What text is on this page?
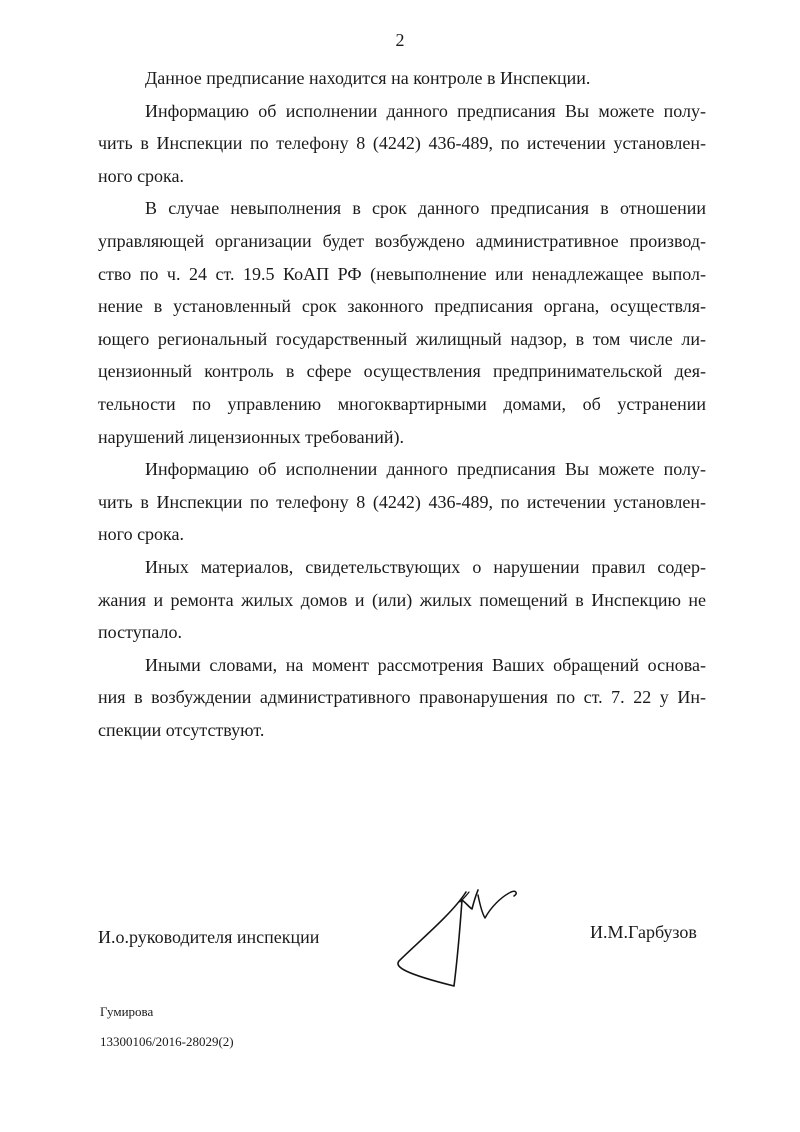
2
Данное предписание находится на контроле в Инспекции.
Информацию об исполнении данного предписания Вы можете полу-
чить в Инспекции по телефону 8 (4242) 436-489, по истечении установлен-
ного срока.
В случае невыполнения в срок данного предписания в отношении
управляющей организации будет возбуждено административное производ-
ство по ч. 24 ст. 19.5 КоАП РФ (невыполнение или ненадлежащее выпол-
нение в установленный срок законного предписания органа, осуществля-
ющего региональный государственный жилищный надзор, в том числе ли-
цензионный контроль в сфере осуществления предпринимательской дея-
тельности по управлению многоквартирными домами, об устранении
нарушений лицензионных требований).
Информацию об исполнении данного предписания Вы можете полу-
чить в Инспекции по телефону 8 (4242) 436-489, по истечении установлен-
ного срока.
Иных материалов, свидетельствующих о нарушении правил содер-
жания и ремонта жилых домов и (или) жилых помещений в Инспекцию не
поступало.
Иными словами, на момент рассмотрения Ваших обращений основа-
ния в возбуждении административного правонарушения по ст. 7. 22 у Ин-
спекции отсутствуют.
И.о.руководителя инспекции	И.М.Гарбузов
Гумирова
13300106/2016-28029(2)
